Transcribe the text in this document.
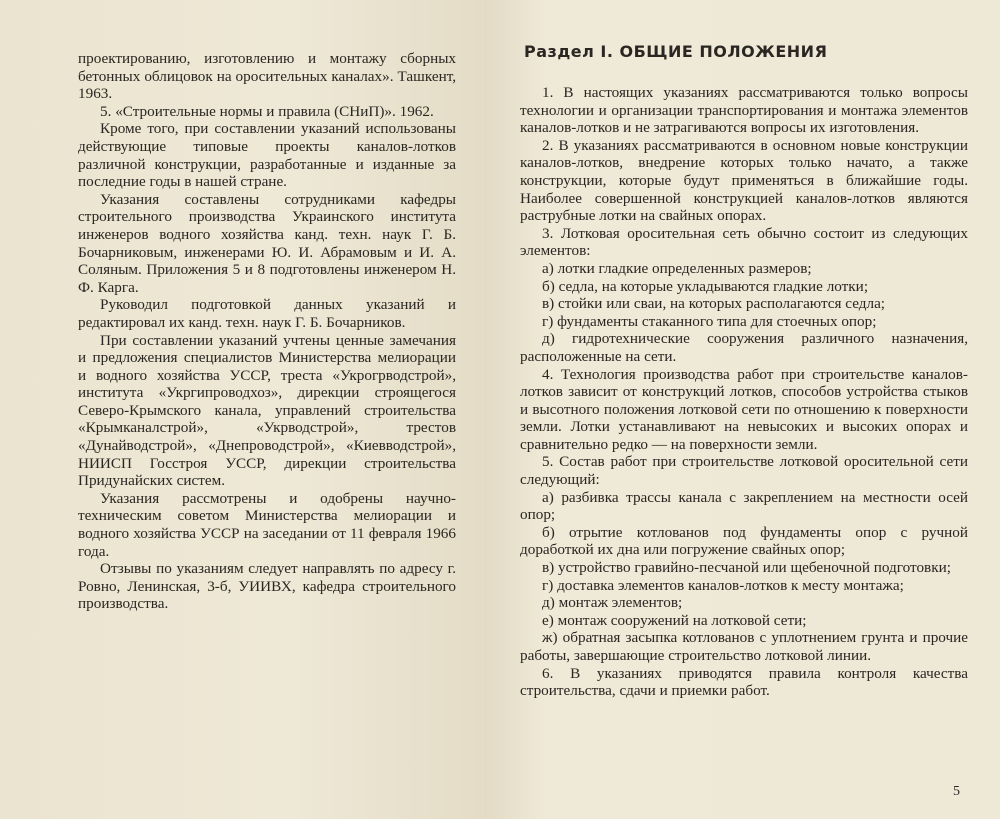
проектированию, изготовлению и монтажу сборных бетонных облицовок на оросительных каналах». Ташкент, 1963.

5. «Строительные нормы и правила (СНиП)». 1962.

Кроме того, при составлении указаний использованы действующие типовые проекты каналов-лотков различной конструкции, разработанные и изданные за последние годы в нашей стране.

Указания составлены сотрудниками кафедры строительного производства Украинского института инженеров водного хозяйства канд. техн. наук Г. Б. Бочарниковым, инженерами Ю. И. Абрамовым и И. А. Соляным. Приложения 5 и 8 подготовлены инженером Н. Ф. Карга.

Руководил подготовкой данных указаний и редактировал их канд. техн. наук Г. Б. Бочарников.

При составлении указаний учтены ценные замечания и предложения специалистов Министерства мелиорации и водного хозяйства УССР, треста «Укрогрводстрой», института «Укргипроводхоз», дирекции строящегося Северо-Крымского канала, управлений строительства «Крымканалстрой», «Укрводстрой», трестов «Дунайводстрой», «Днепроводстрой», «Киевводстрой», НИИСП Госстроя УССР, дирекции строительства Придунайских систем.

Указания рассмотрены и одобрены научно-техническим советом Министерства мелиорации и водного хозяйства УССР на заседании от 11 февраля 1966 года.

Отзывы по указаниям следует направлять по адресу г. Ровно, Ленинская, 3-б, УИИВХ, кафедра строительного производства.

Раздел I. ОБЩИЕ ПОЛОЖЕНИЯ

1. В настоящих указаниях рассматриваются только вопросы технологии и организации транспортирования и монтажа элементов каналов-лотков и не затрагиваются вопросы их изготовления.

2. В указаниях рассматриваются в основном новые конструкции каналов-лотков, внедрение которых только начато, а также конструкции, которые будут применяться в ближайшие годы. Наиболее совершенной конструкцией каналов-лотков являются раструбные лотки на свайных опорах.

3. Лотковая оросительная сеть обычно состоит из следующих элементов:

а) лотки гладкие определенных размеров;

б) седла, на которые укладываются гладкие лотки;

в) стойки или сваи, на которых располагаются седла;

г) фундаменты стаканного типа для стоечных опор;

д) гидротехнические сооружения различного назначения, расположенные на сети.

4. Технология производства работ при строительстве каналов-лотков зависит от конструкций лотков, способов устройства стыков и высотного положения лотковой сети по отношению к поверхности земли. Лотки устанавливают на невысоких и высоких опорах и сравнительно редко — на поверхности земли.

5. Состав работ при строительстве лотковой оросительной сети следующий:

а) разбивка трассы канала с закреплением на местности осей опор;

б) отрытие котлованов под фундаменты опор с ручной доработкой их дна или погружение свайных опор;

в) устройство гравийно-песчаной или щебеночной подготовки;

г) доставка элементов каналов-лотков к месту монтажа;

д) монтаж элементов;

е) монтаж сооружений на лотковой сети;

ж) обратная засыпка котлованов с уплотнением грунта и прочие работы, завершающие строительство лотковой линии.

6. В указаниях приводятся правила контроля качества строительства, сдачи и приемки работ.

5
